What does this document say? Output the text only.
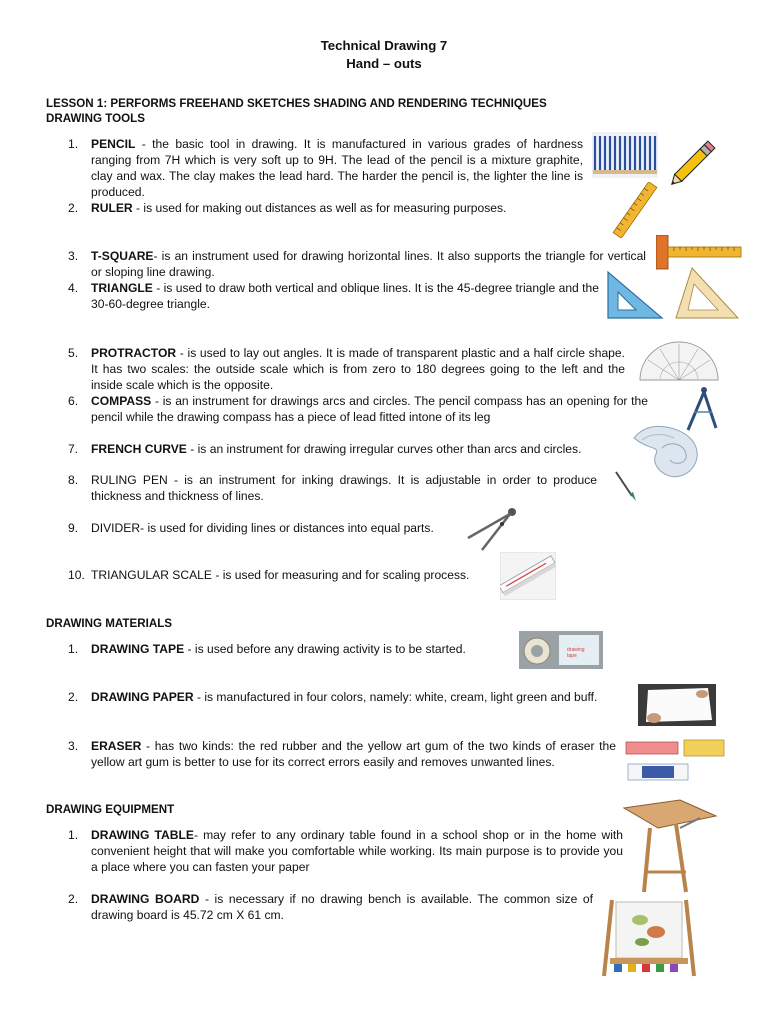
Technical Drawing 7
Hand – outs
LESSON 1: PERFORMS FREEHAND SKETCHES SHADING AND RENDERING TECHNIQUES
DRAWING TOOLS
1. PENCIL - the basic tool in drawing. It is manufactured in various grades of hardness ranging from 7H which is very soft up to 9H. The lead of the pencil is a mixture graphite, clay and wax. The clay makes the lead hard. The harder the pencil is, the lighter the line is produced.
2. RULER - is used for making out distances as well as for measuring purposes.
3. T-SQUARE- is an instrument used for drawing horizontal lines. It also supports the triangle for vertical or sloping line drawing.
4. TRIANGLE - is used to draw both vertical and oblique lines. It is the 45-degree triangle and the 30-60-degree triangle.
5. PROTRACTOR - is used to lay out angles. It is made of transparent plastic and a half circle shape. It has two scales: the outside scale which is from zero to 180 degrees going to the left and the inside scale which is the opposite.
6. COMPASS - is an instrument for drawings arcs and circles. The pencil compass has an opening for the pencil while the drawing compass has a piece of lead fitted intone of its leg
7. FRENCH CURVE - is an instrument for drawing irregular curves other than arcs and circles.
8. RULING PEN - is an instrument for inking drawings. It is adjustable in order to produce thickness and thickness of lines.
9. DIVIDER- is used for dividing lines or distances into equal parts.
10. TRIANGULAR SCALE - is used for measuring and for scaling process.
DRAWING MATERIALS
1. DRAWING TAPE - is used before any drawing activity is to be started.
2. DRAWING PAPER - is manufactured in four colors, namely: white, cream, light green and buff.
3. ERASER - has two kinds: the red rubber and the yellow art gum of the two kinds of eraser the yellow art gum is better to use for its correct errors easily and removes unwanted lines.
DRAWING EQUIPMENT
1. DRAWING TABLE- may refer to any ordinary table found in a school shop or in the home with convenient height that will make you comfortable while working. Its main purpose is to provide you a place where you can fasten your paper
2. DRAWING BOARD - is necessary if no drawing bench is available. The common size of drawing board is 45.72 cm X 61 cm.
drawing
tape
